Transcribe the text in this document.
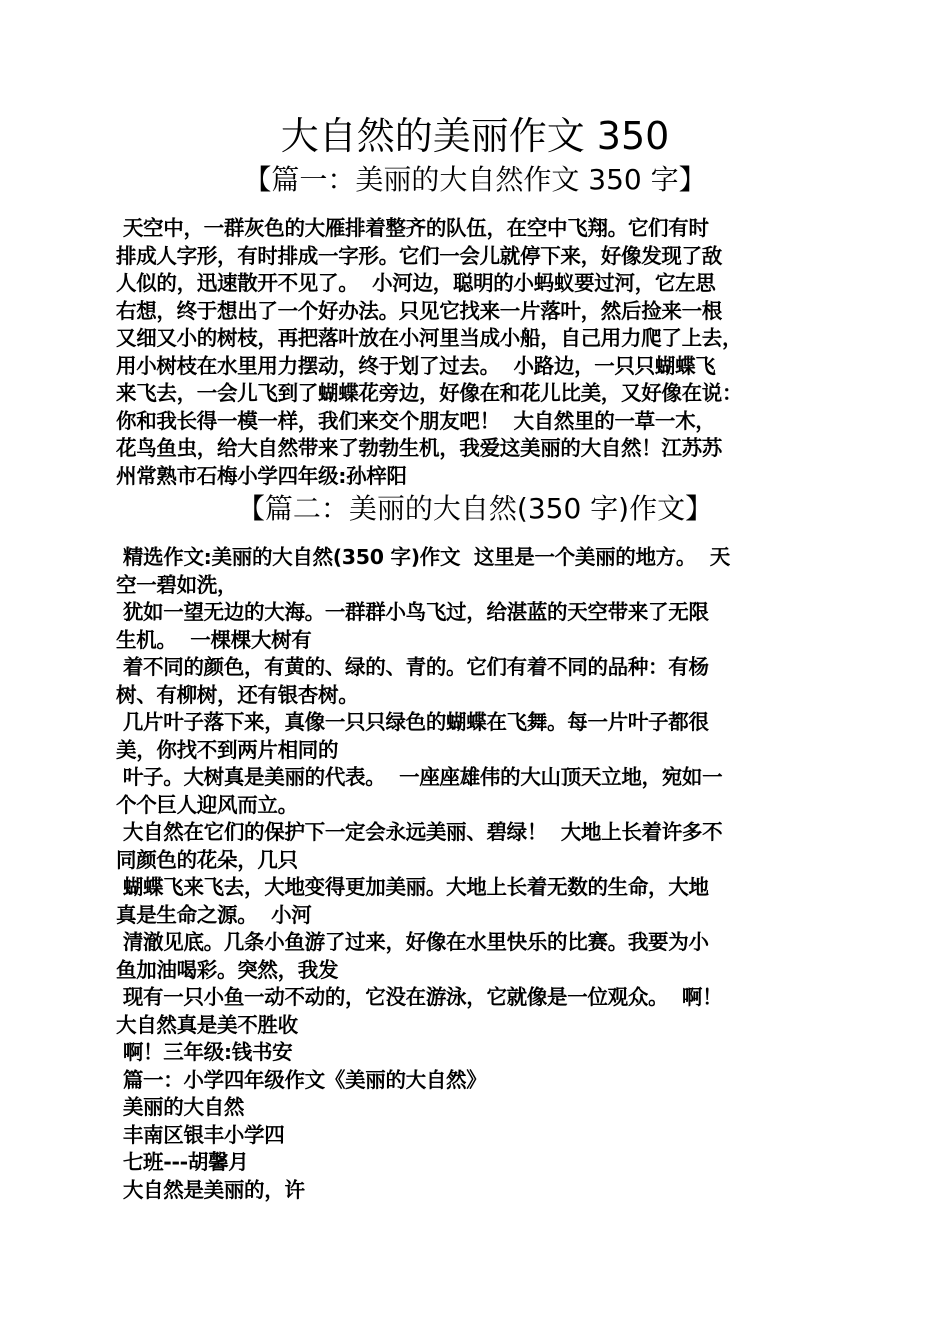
大自然的美丽作文 350
【篇一：美丽的大自然作文 350 字】

天空中，一群灰色的大雁排着整齐的队伍，在空中飞翔。它们有时
排成人字形，有时排成一字形。它们一会儿就停下来，好像发现了敌
人似的，迅速散开不见了。  小河边，聪明的小蚂蚁要过河，它左思
右想，终于想出了一个好办法。只见它找来一片落叶，然后捡来一根
又细又小的树枝，再把落叶放在小河里当成小船，自己用力爬了上去，
用小树枝在水里用力摆动，终于划了过去。  小路边，一只只蝴蝶飞
来飞去，一会儿飞到了蝴蝶花旁边，好像在和花儿比美，又好像在说：
你和我长得一模一样，我们来交个朋友吧！  大自然里的一草一木，
花鸟鱼虫，给大自然带来了勃勃生机，我爱这美丽的大自然！江苏苏
州常熟市石梅小学四年级:孙梓阳

【篇二：美丽的大自然(350 字)作文】

精选作文:美丽的大自然(350 字)作文  这里是一个美丽的地方。  天
空一碧如洗，
犹如一望无边的大海。一群群小鸟飞过，给湛蓝的天空带来了无限
生机。  一棵棵大树有
着不同的颜色，有黄的、绿的、青的。它们有着不同的品种：有杨
树、有柳树，还有银杏树。
几片叶子落下来，真像一只只绿色的蝴蝶在飞舞。每一片叶子都很
美，你找不到两片相同的
叶子。大树真是美丽的代表。  一座座雄伟的大山顶天立地，宛如一
个个巨人迎风而立。
大自然在它们的保护下一定会永远美丽、碧绿！  大地上长着许多不
同颜色的花朵，几只
蝴蝶飞来飞去，大地变得更加美丽。大地上长着无数的生命，大地
真是生命之源。  小河
清澈见底。几条小鱼游了过来，好像在水里快乐的比赛。我要为小
鱼加油喝彩。突然，我发
现有一只小鱼一动不动的，它没在游泳，它就像是一位观众。  啊！
大自然真是美不胜收
啊！三年级:钱书安
篇一：小学四年级作文《美丽的大自然》
美丽的大自然
丰南区银丰小学四
七班---胡馨月
大自然是美丽的，许
